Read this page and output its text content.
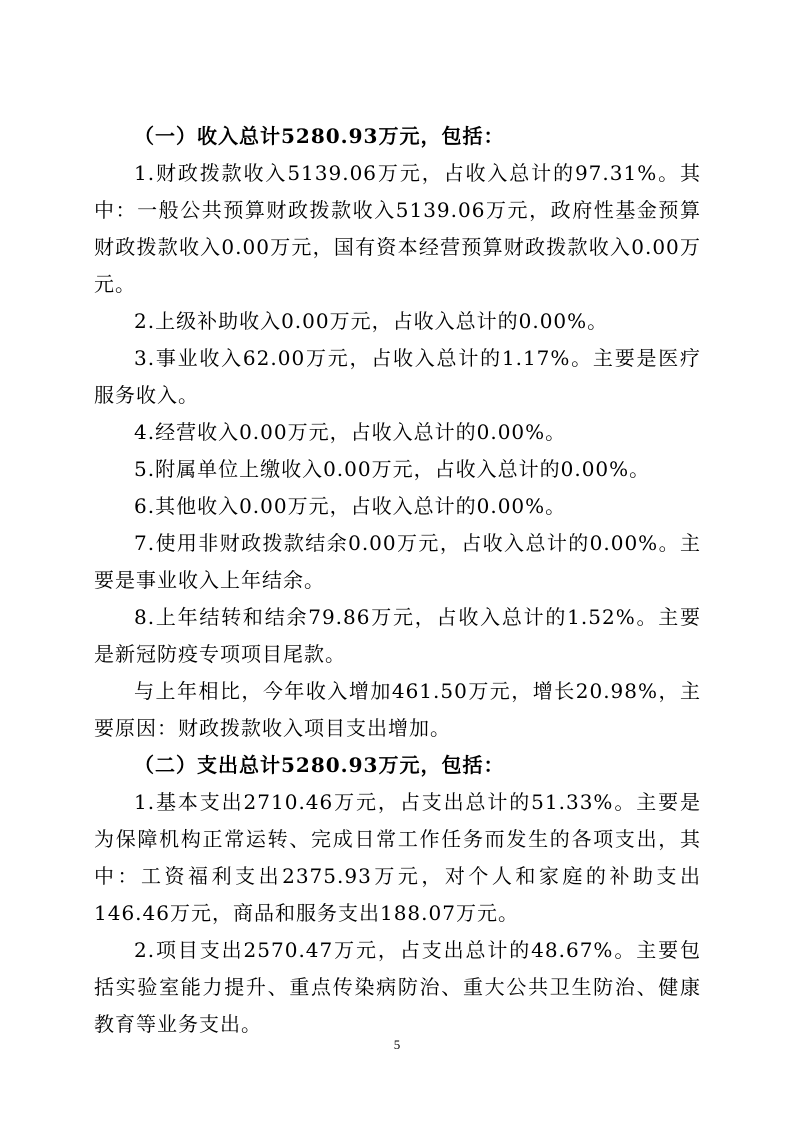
（一）收入总计5280.93万元，包括：

1.财政拨款收入5139.06万元，占收入总计的97.31%。其中：一般公共预算财政拨款收入5139.06万元，政府性基金预算财政拨款收入0.00万元，国有资本经营预算财政拨款收入0.00万元。

2.上级补助收入0.00万元，占收入总计的0.00%。

3.事业收入62.00万元，占收入总计的1.17%。主要是医疗服务收入。

4.经营收入0.00万元，占收入总计的0.00%。

5.附属单位上缴收入0.00万元，占收入总计的0.00%。

6.其他收入0.00万元，占收入总计的0.00%。

7.使用非财政拨款结余0.00万元，占收入总计的0.00%。主要是事业收入上年结余。

8.上年结转和结余79.86万元，占收入总计的1.52%。主要是新冠防疫专项项目尾款。

与上年相比，今年收入增加461.50万元，增长20.98%，主要原因：财政拨款收入项目支出增加。

（二）支出总计5280.93万元，包括：

1.基本支出2710.46万元，占支出总计的51.33%。主要是为保障机构正常运转、完成日常工作任务而发生的各项支出，其中：工资福利支出2375.93万元，对个人和家庭的补助支出146.46万元，商品和服务支出188.07万元。

2.项目支出2570.47万元，占支出总计的48.67%。主要包括实验室能力提升、重点传染病防治、重大公共卫生防治、健康教育等业务支出。

5
